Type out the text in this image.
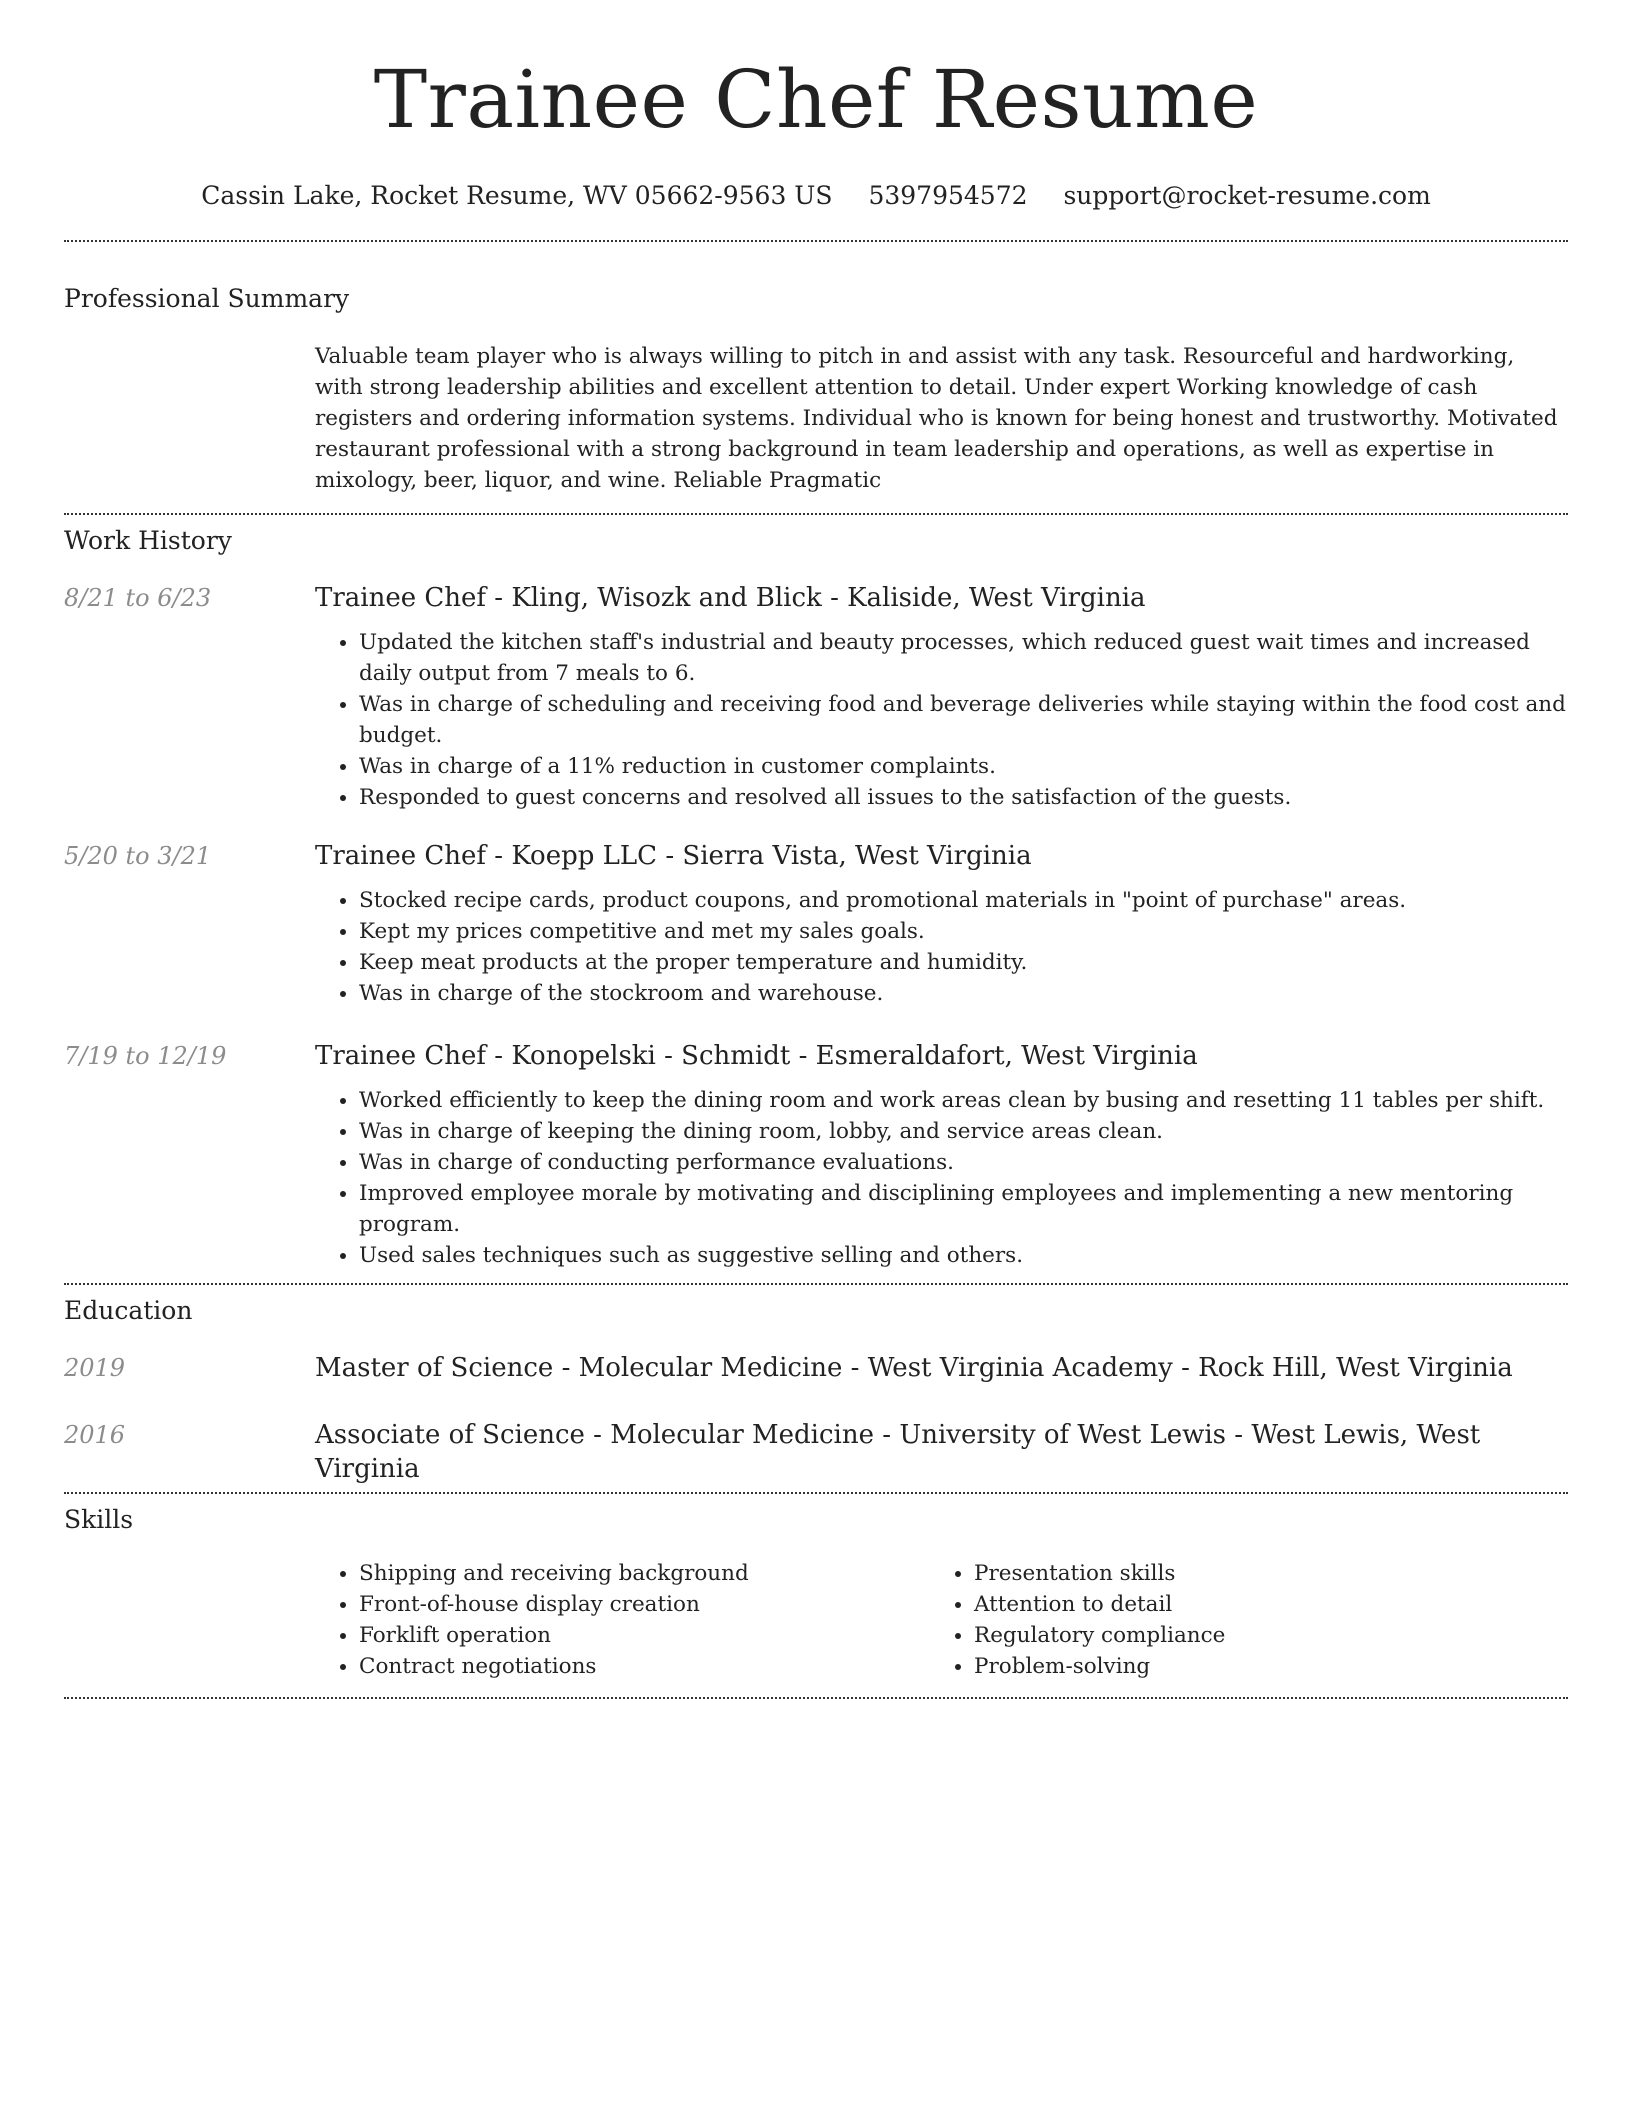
Trainee Chef Resume
Cassin Lake, Rocket Resume, WV 05662-9563 US 5397954572 support@rocket-resume.com
Professional Summary

Valuable team player who is always willing to pitch in and assist with any task. Resourceful and hardworking, with strong leadership abilities and excellent attention to detail. Under expert Working knowledge of cash registers and ordering information systems. Individual who is known for being honest and trustworthy. Motivated restaurant professional with a strong background in team leadership and operations, as well as expertise in mixology, beer, liquor, and wine. Reliable Pragmatic

Work History
8/21 to 6/23	Trainee Chef - Kling, Wisozk and Blick - Kaliside, West Virginia
• Updated the kitchen staff's industrial and beauty processes, which reduced guest wait times and increased daily output from 7 meals to 6.
• Was in charge of scheduling and receiving food and beverage deliveries while staying within the food cost and budget.
• Was in charge of a 11% reduction in customer complaints.
• Responded to guest concerns and resolved all issues to the satisfaction of the guests.
5/20 to 3/21	Trainee Chef - Koepp LLC - Sierra Vista, West Virginia
• Stocked recipe cards, product coupons, and promotional materials in "point of purchase" areas.
• Kept my prices competitive and met my sales goals.
• Keep meat products at the proper temperature and humidity.
• Was in charge of the stockroom and warehouse.
7/19 to 12/19	Trainee Chef - Konopelski - Schmidt - Esmeraldafort, West Virginia
• Worked efficiently to keep the dining room and work areas clean by busing and resetting 11 tables per shift.
• Was in charge of keeping the dining room, lobby, and service areas clean.
• Was in charge of conducting performance evaluations.
• Improved employee morale by motivating and disciplining employees and implementing a new mentoring program.
• Used sales techniques such as suggestive selling and others.
Education
2019	Master of Science - Molecular Medicine - West Virginia Academy - Rock Hill, West Virginia
2016	Associate of Science - Molecular Medicine - University of West Lewis - West Lewis, West Virginia
Skills
• Shipping and receiving background
• Front-of-house display creation
• Forklift operation
• Contract negotiations
• Presentation skills
• Attention to detail
• Regulatory compliance
• Problem-solving
